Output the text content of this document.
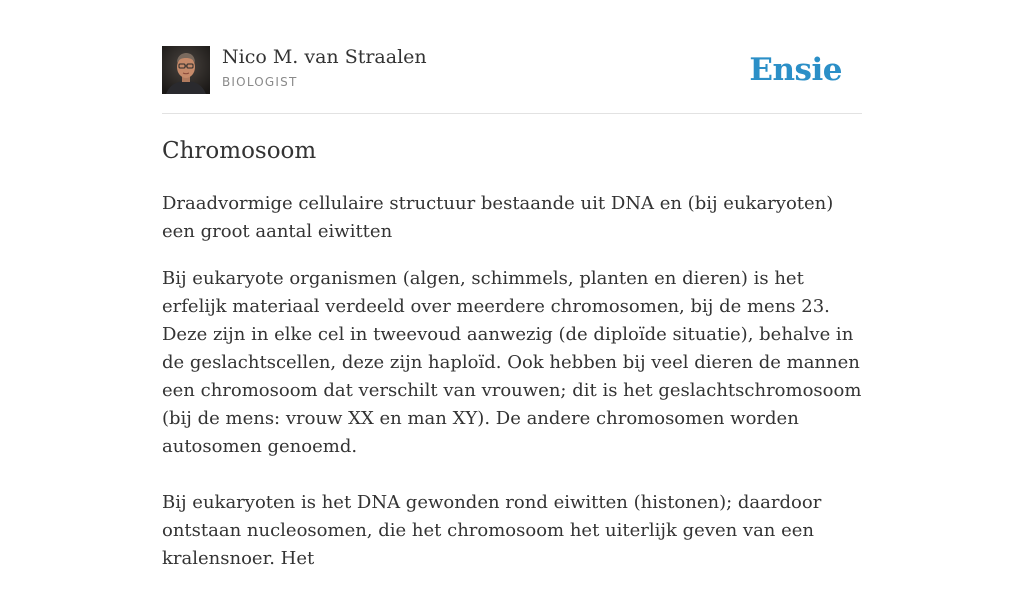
Nico M. van Straalen
BIOLOGIST	Ensie
Chromosoom

Draadvormige cellulaire structuur bestaande uit DNA en (bij eukaryoten) een groot aantal eiwitten

Bij eukaryote organismen (algen, schimmels, planten en dieren) is het erfelijk materiaal verdeeld over meerdere chromosomen, bij de mens 23. Deze zijn in elke cel in tweevoud aanwezig (de diploïde situatie), behalve in de geslachtscellen, deze zijn haploïd. Ook hebben bij veel dieren de mannen een chromosoom dat verschilt van vrouwen; dit is het geslachtschromosoom (bij de mens: vrouw XX en man XY). De andere chromosomen worden autosomen genoemd.

Bij eukaryoten is het DNA gewonden rond eiwitten (histonen); daardoor ontstaan nucleosomen, die het chromosoom het uiterlijk geven van een kralensnoer. Het
